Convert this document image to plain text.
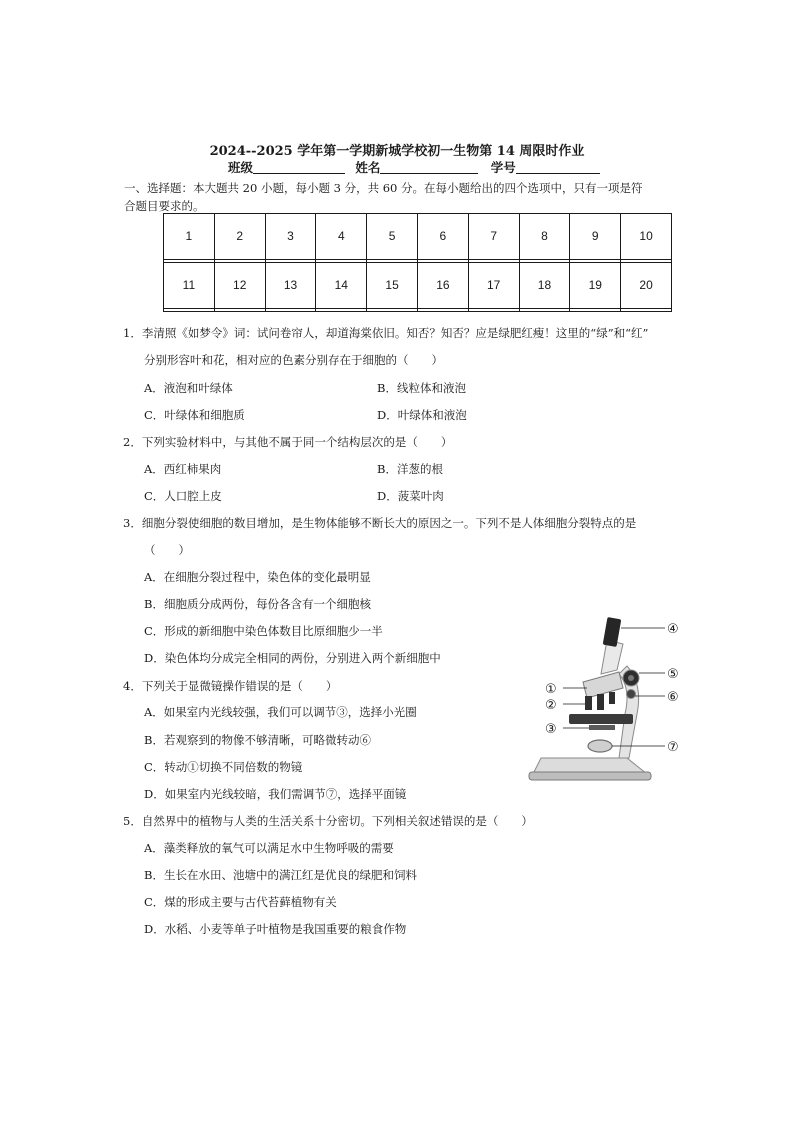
2024--2025 学年第一学期新城学校初一生物第 14 周限时作业
班级	姓名	学号
一、选择题：本大题共 20 小题，每小题 3 分，共 60 分。在每小题给出的四个选项中，只有一项是符
合题目要求的。
1	2	3	4	5	6	7	8	9	10

11	12	13	14	15	16	17	18	19	20

1．李清照《如梦令》词：试问卷帘人，却道海棠依旧。知否？知否？应是绿肥红瘦！这里的“绿”和“红”
分别形容叶和花，相对应的色素分别存在于细胞的（　　）
A．液泡和叶绿体	B．线粒体和液泡
C．叶绿体和细胞质	D．叶绿体和液泡
2．下列实验材料中，与其他不属于同一个结构层次的是（　　）
A．西红柿果肉	B．洋葱的根
C．人口腔上皮	D．菠菜叶肉
3．细胞分裂使细胞的数目增加，是生物体能够不断长大的原因之一。下列不是人体细胞分裂特点的是
（　　）
A．在细胞分裂过程中，染色体的变化最明显
B．细胞质分成两份，每份各含有一个细胞核
C．形成的新细胞中染色体数目比原细胞少一半
D．染色体均分成完全相同的两份，分别进入两个新细胞中
4．下列关于显微镜操作错误的是（　　）
A．如果室内光线较强，我们可以调节③，选择小光圈
B．若观察到的物像不够清晰，可略微转动⑥
C．转动①切换不同倍数的物镜
D．如果室内光线较暗，我们需调节⑦，选择平面镜
5．自然界中的植物与人类的生活关系十分密切。下列相关叙述错误的是（　　）
A．藻类释放的氧气可以满足水中生物呼吸的需要
B．生长在水田、池塘中的满江红是优良的绿肥和饲料
C．煤的形成主要与古代苔藓植物有关
D．水稻、小麦等单子叶植物是我国重要的粮食作物
①
②
③
④
⑤
⑥
⑦
